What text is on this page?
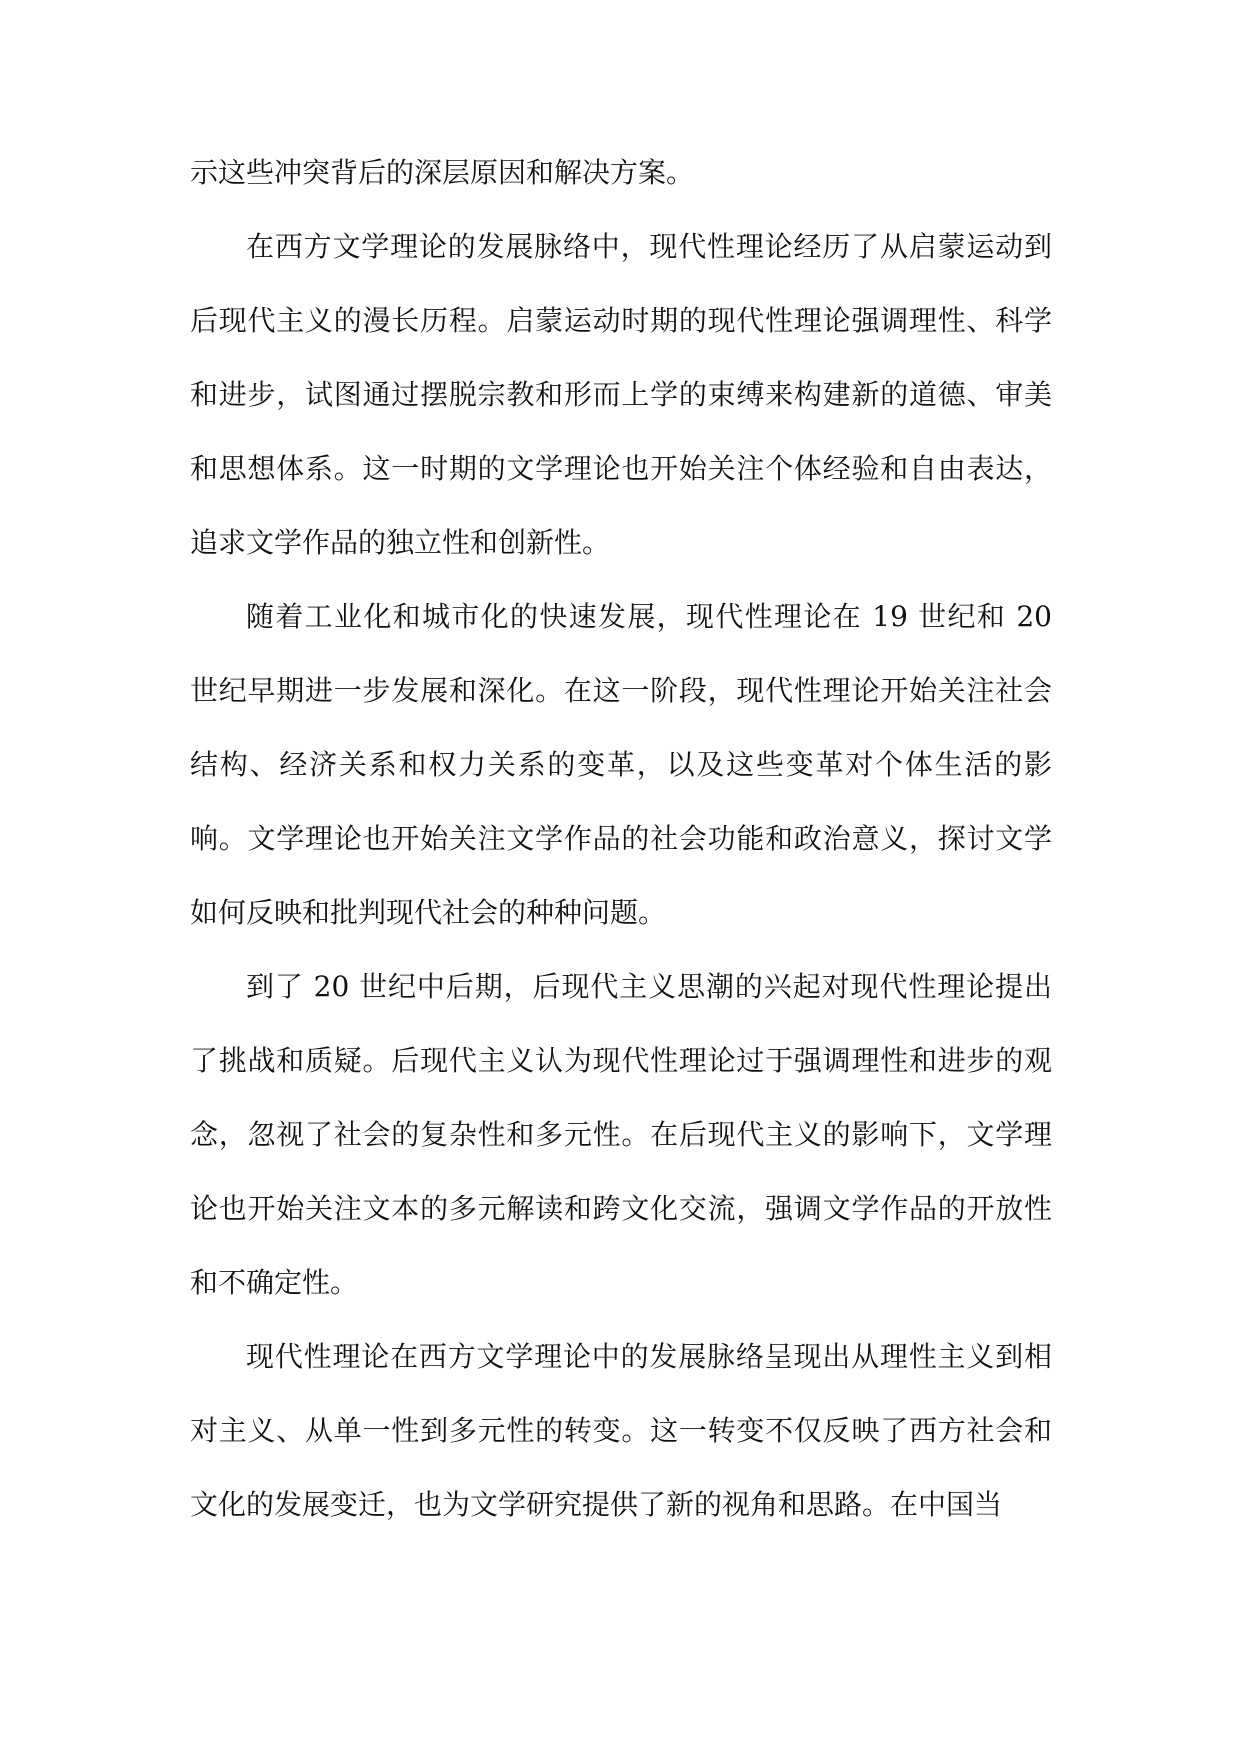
示这些冲突背后的深层原因和解决方案。

在西方文学理论的发展脉络中，现代性理论经历了从启蒙运动到后现代主义的漫长历程。启蒙运动时期的现代性理论强调理性、科学和进步，试图通过摆脱宗教和形而上学的束缚来构建新的道德、审美和思想体系。这一时期的文学理论也开始关注个体经验和自由表达，追求文学作品的独立性和创新性。

随着工业化和城市化的快速发展，现代性理论在 19 世纪和 20 世纪早期进一步发展和深化。在这一阶段，现代性理论开始关注社会结构、经济关系和权力关系的变革，以及这些变革对个体生活的影响。文学理论也开始关注文学作品的社会功能和政治意义，探讨文学如何反映和批判现代社会的种种问题。

到了 20 世纪中后期，后现代主义思潮的兴起对现代性理论提出了挑战和质疑。后现代主义认为现代性理论过于强调理性和进步的观念，忽视了社会的复杂性和多元性。在后现代主义的影响下，文学理论也开始关注文本的多元解读和跨文化交流，强调文学作品的开放性和不确定性。

现代性理论在西方文学理论中的发展脉络呈现出从理性主义到相对主义、从单一性到多元性的转变。这一转变不仅反映了西方社会和文化的发展变迁，也为文学研究提供了新的视角和思路。在中国当
